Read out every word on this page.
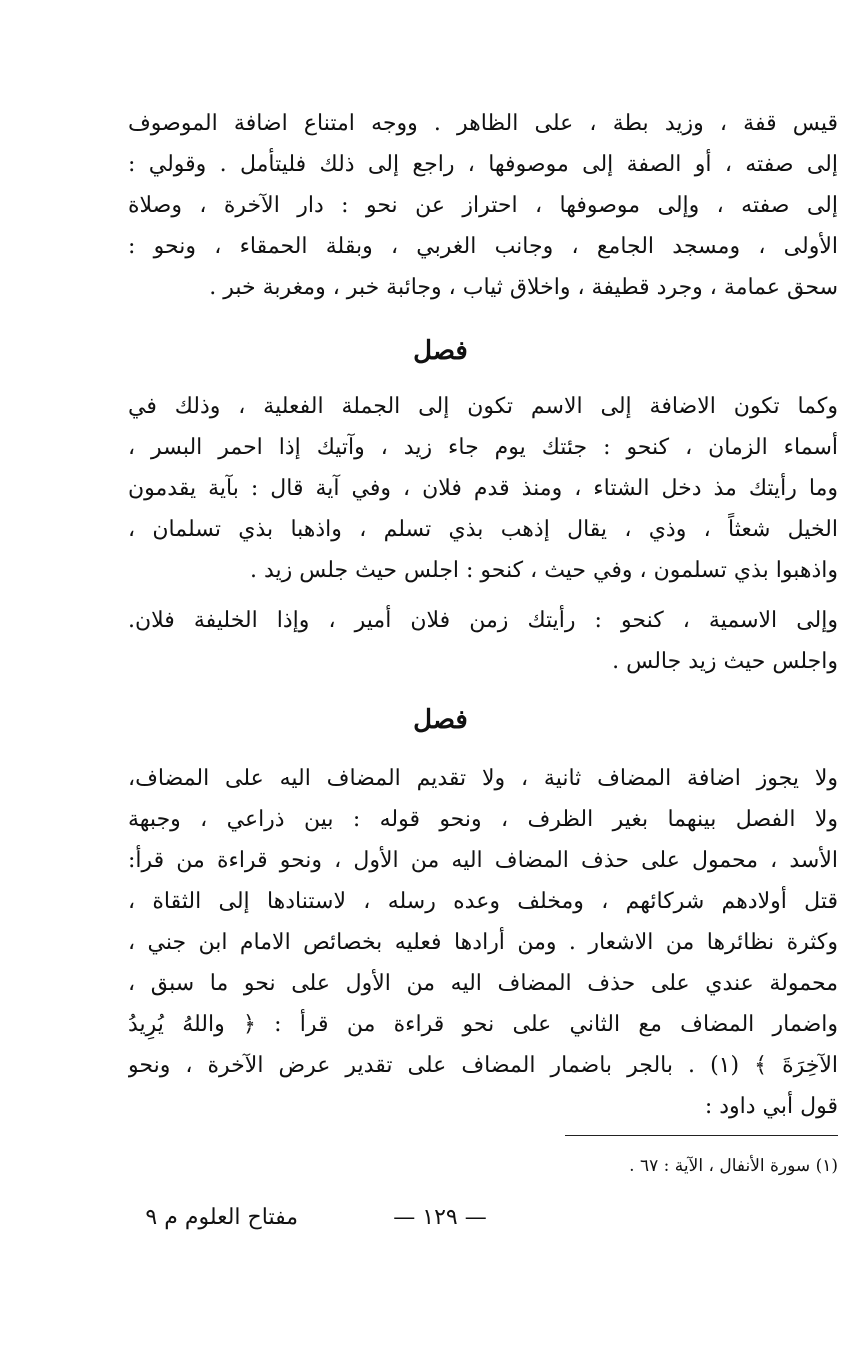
قيس قفة ، وزيد بطة ، على الظاهر . ووجه امتناع اضافة الموصوف
إلى صفته ، أو الصفة إلى موصوفها ، راجع إلى ذلك فليتأمل . وقولي :
إلى صفته ، وإلى موصوفها ، احتراز عن نحو : دار الآخرة ، وصلاة
الأولى ، ومسجد الجامع ، وجانب الغربي ، وبقلة الحمقاء ، ونحو :
سحق عمامة ، وجرد قطيفة ، واخلاق ثياب ، وجائبة خبر ، ومغربة خبر .
فصل
وكما تكون الاضافة إلى الاسم تكون إلى الجملة الفعلية ، وذلك في
أسماء الزمان ، كنحو : جئتك يوم جاء زيد ، وآتيك إذا احمر البسر ،
وما رأيتك مذ دخل الشتاء ، ومنذ قدم فلان ، وفي آية قال : بآية يقدمون
الخيل شعثاً ، وذي ، يقال إذهب بذي تسلم ، واذهبا بذي تسلمان ،
واذهبوا بذي تسلمون ، وفي حيث ، كنحو : اجلس حيث جلس زيد .
وإلى الاسمية ، كنحو : رأيتك زمن فلان أمير ، وإذا الخليفة فلان.
واجلس حيث زيد جالس .
فصل
ولا يجوز اضافة المضاف ثانية ، ولا تقديم المضاف اليه على المضاف،
ولا الفصل بينهما بغير الظرف ، ونحو قوله : بين ذراعي ، وجبهة
الأسد ، محمول على حذف المضاف اليه من الأول ، ونحو قراءة من قرأ:
قتل أولادهم شركائهم ، ومخلف وعده رسله ، لاستنادها إلى الثقاة ،
وكثرة نظائرها من الاشعار . ومن أرادها فعليه بخصائص الامام ابن جني ،
محمولة عندي على حذف المضاف اليه من الأول على نحو ما سبق ،
واضمار المضاف مع الثاني على نحو قراءة من قرأ : ﴿ واللهُ يُرِيدُ
الآخِرَةَ ﴾ (١) . بالجر باضمار المضاف على تقدير عرض الآخرة ، ونحو
قول أبي داود :
(١) سورة الأنفال ، الآية : ٦٧ .
— ١٢٩ —
مفتاح العلوم م ٩
